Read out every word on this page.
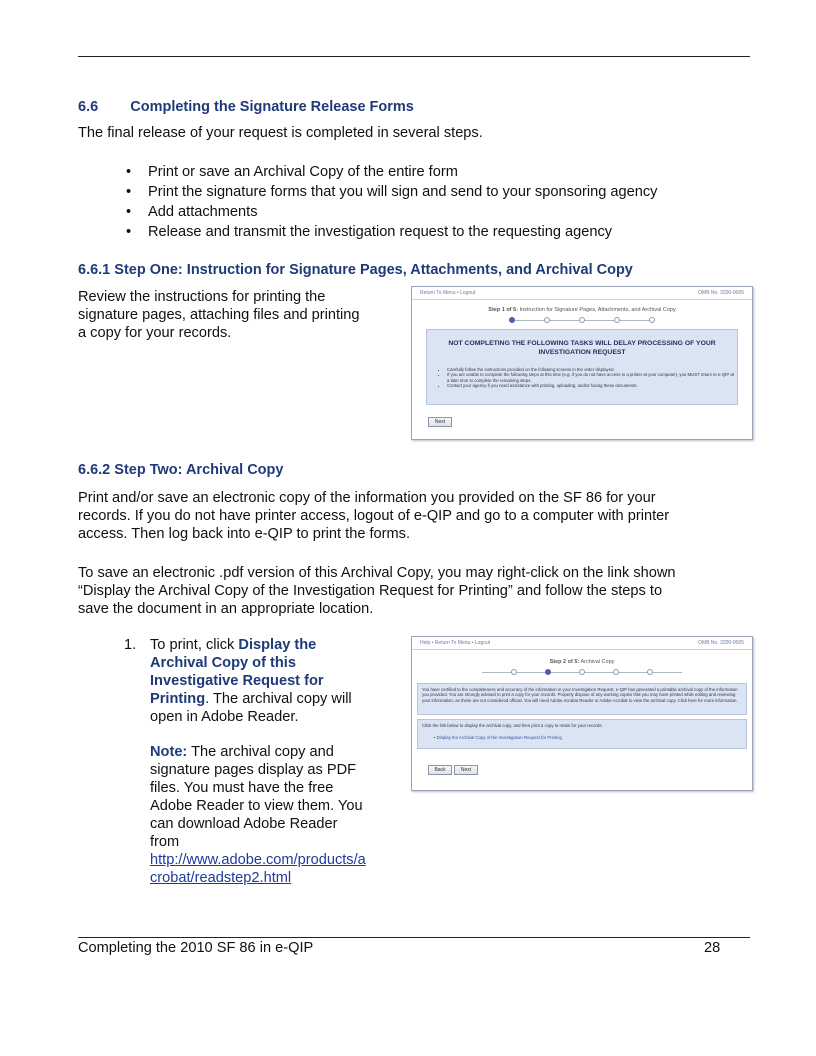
6.6 Completing the Signature Release Forms
The final release of your request is completed in several steps.
• Print or save an Archival Copy of the entire form
• Print the signature forms that you will sign and send to your sponsoring agency
• Add attachments
• Release and transmit the investigation request to the requesting agency
6.6.1 Step One: Instruction for Signature Pages, Attachments, and Archival Copy
Review the instructions for printing the
signature pages, attaching files and printing
a copy for your records.
Return To Menu • Logout	OMB No. 3206-0005
Step 1 of 5: Instruction for Signature Pages, Attachments, and Archival Copy
NOT COMPLETING THE FOLLOWING TASKS WILL DELAY PROCESSING OF YOUR
INVESTIGATION REQUEST
• Carefully follow the instructions provided on the following screens in the order displayed.
• If you are unable to complete the following steps at this time (e.g. if you do not have access to a printer at your computer), you MUST return to e-QIP at a later time to complete the remaining steps.
• Contact your agency if you need assistance with printing, uploading, and/or faxing these documents.
Next
6.6.2 Step Two: Archival Copy
Print and/or save an electronic copy of the information you provided on the SF 86 for your
records. If you do not have printer access, logout of e-QIP and go to a computer with printer
access. Then log back into e-QIP to print the forms.
To save an electronic .pdf version of this Archival Copy, you may right-click on the link shown
“Display the Archival Copy of the Investigation Request for Printing” and follow the steps to
save the document in an appropriate location.
1. To print, click Display the
Archival Copy of this
Investigative Request for
Printing. The archival copy will
open in Adobe Reader.
Note: The archival copy and
signature pages display as PDF
files. You must have the free
Adobe Reader to view them. You
can download Adobe Reader
from
http://www.adobe.com/products/a
crobat/readstep2.html
Help • Return To Menu • Logout	OMB No. 3206-0005
Step 2 of 5: Archival Copy
You have certified to the completeness and accuracy of the information in your Investigation Request. e-QIP has generated a printable archival copy of the information you provided. You are strongly advised to print a copy for your records. Properly dispose of any working copies that you may have printed while editing and reviewing your information, as these are not considered official. You will need Adobe Acrobat Reader or Adobe Acrobat to view the archival copy. Click here for more information.
Click the link below to display the archival copy, and then print a copy to retain for your records.
• Display the Archival Copy of the Investigation Request for Printing
Back	Next
Completing the 2010 SF 86 in e-QIP	28
